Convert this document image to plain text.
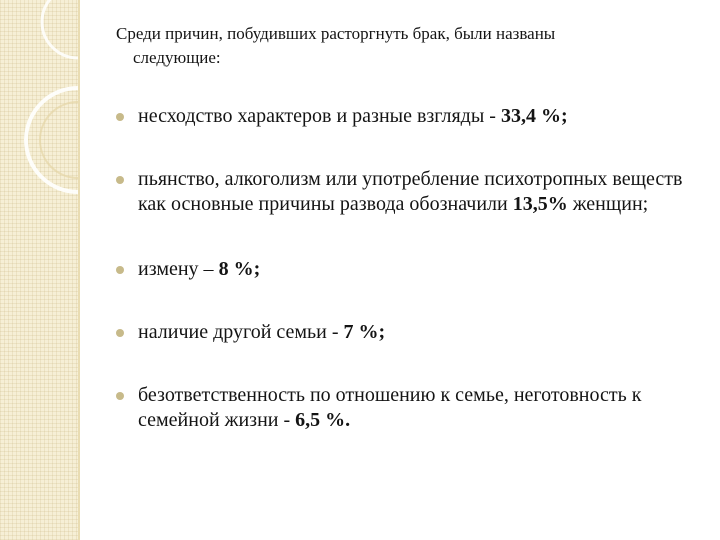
Среди причин, побудивших расторгнуть брак, были названы
следующие:

несходство характеров и разные взгляды - 33,4 %;
пьянство, алкоголизм или употребление психотропных веществ как основные причины развода обозначили 13,5% женщин;
измену – 8 %;
наличие другой семьи - 7 %;
безответственность по отношению к семье, неготовность к семейной жизни - 6,5 %.
